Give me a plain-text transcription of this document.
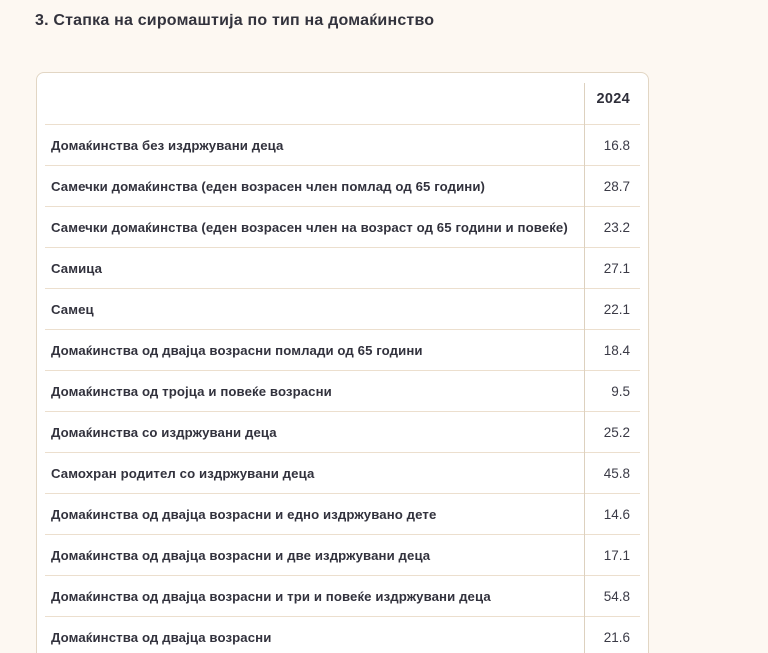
3. Стапка на сиромаштија по тип на домаќинство
2024
Домаќинства без издржувани деца	16.8
Самечки домаќинства (еден возрасен член помлад од 65 години)	28.7
Самечки домаќинства (еден возрасен член на возраст од 65 години и повеќе)	23.2
Самица	27.1
Самец	22.1
Домаќинства од двајца возрасни помлади од 65 години	18.4
Домаќинства од тројца и повеќе возрасни	9.5
Домаќинства со издржувани деца	25.2
Самохран родител со издржувани деца	45.8
Домаќинства од двајца возрасни и едно издржувано дете	14.6
Домаќинства од двајца возрасни и две издржувани деца	17.1
Домаќинства од двајца возрасни и три и повеќе издржувани деца	54.8
Домаќинства од двајца возрасни	21.6
